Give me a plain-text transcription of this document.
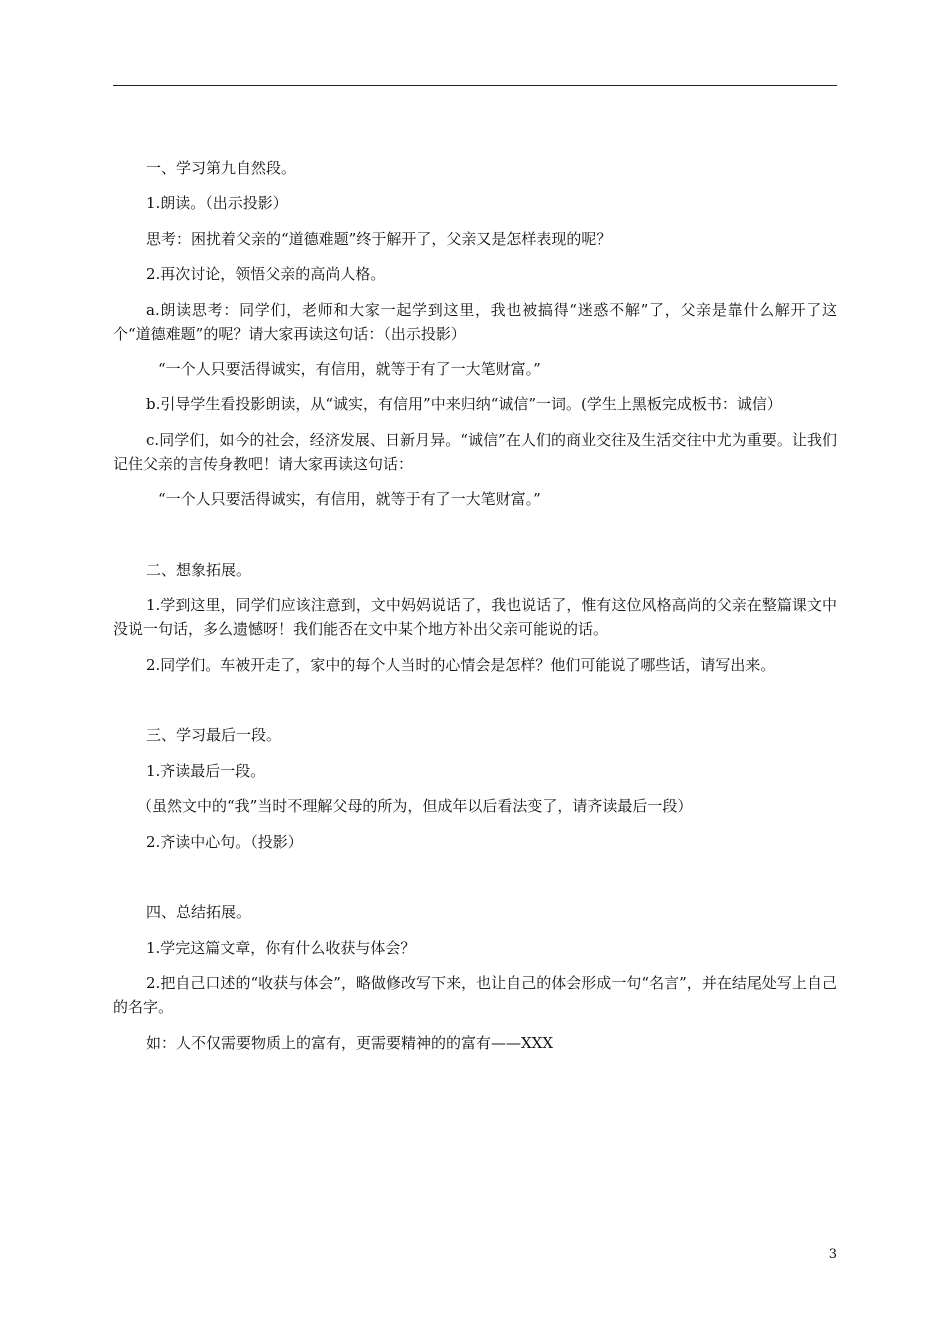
一、学习第九自然段。
1.朗读。（出示投影）
思考：困扰着父亲的“道德难题”终于解开了，父亲又是怎样表现的呢？
2.再次讨论，领悟父亲的高尚人格。
a.朗读思考：同学们，老师和大家一起学到这里，我也被搞得“迷惑不解”了，父亲是靠什么解开了这个“道德难题”的呢？请大家再读这句话：（出示投影）
“一个人只要活得诚实，有信用，就等于有了一大笔财富。”
b.引导学生看投影朗读，从“诚实，有信用”中来归纳“诚信”一词。(学生上黑板完成板书：诚信）
c.同学们，如今的社会，经济发展、日新月异。“诚信”在人们的商业交往及生活交往中尤为重要。让我们记住父亲的言传身教吧！请大家再读这句话：
“一个人只要活得诚实，有信用，就等于有了一大笔财富。”
二、想象拓展。
1.学到这里，同学们应该注意到，文中妈妈说话了，我也说话了，惟有这位风格高尚的父亲在整篇课文中没说一句话，多么遗憾呀！我们能否在文中某个地方补出父亲可能说的话。
2.同学们。车被开走了，家中的每个人当时的心情会是怎样？他们可能说了哪些话，请写出来。
三、学习最后一段。
1.齐读最后一段。
（虽然文中的“我”当时不理解父母的所为，但成年以后看法变了，请齐读最后一段）
2.齐读中心句。（投影）
四、总结拓展。
1.学完这篇文章，你有什么收获与体会？
2.把自己口述的“收获与体会”，略做修改写下来，也让自己的体会形成一句“名言”，并在结尾处写上自己的名字。
如：人不仅需要物质上的富有，更需要精神的的富有——XXX
3
